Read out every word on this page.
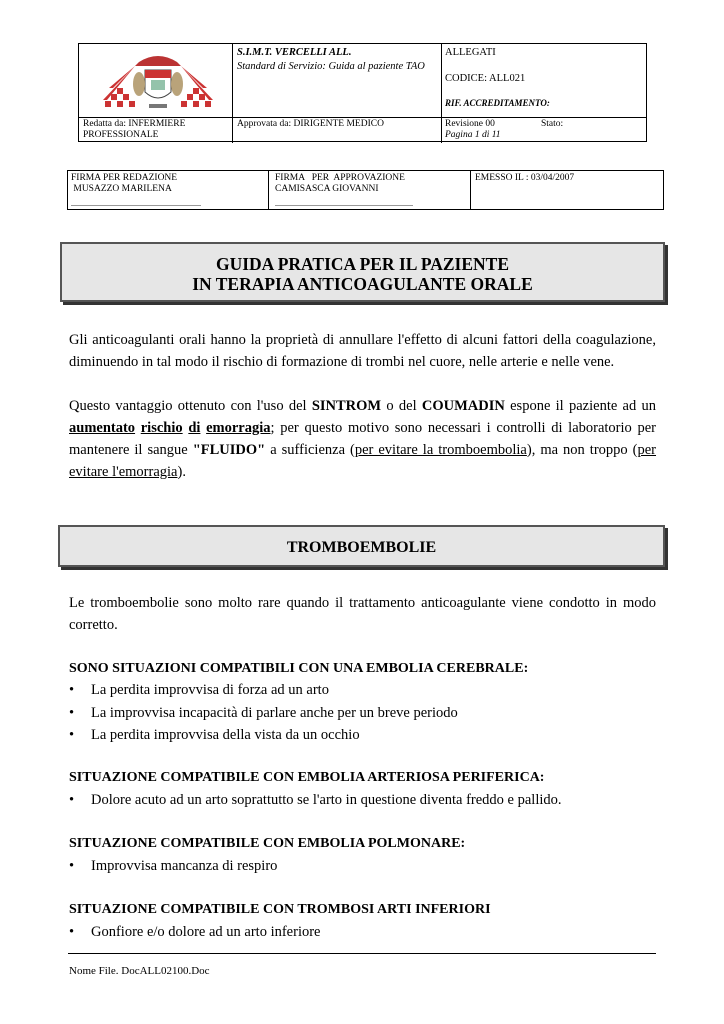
S.I.M.T. VERCELLI ALL.
Standard di Servizio: Guida al paziente TAO
ALLEGATI
CODICE: ALL021
RIF. ACCREDITAMENTO:
Redatta da: INFERMIERE PROFESSIONALE
Approvata da: DIRIGENTE MEDICO	Revisione 00	Stato:
Pagina 1 di 11
FIRMA PER REDAZIONE
MUSAZZO MARILENA
FIRMA   PER  APPROVAZIONE
CAMISASCA GIOVANNI
EMESSO IL : 03/04/2007
GUIDA PRATICA PER IL PAZIENTE
IN TERAPIA ANTICOAGULANTE ORALE
Gli anticoagulanti orali hanno la proprietà di annullare l'effetto di alcuni fattori della coagulazione, diminuendo in tal modo il rischio di formazione di trombi nel cuore, nelle arterie e nelle vene.
Questo vantaggio ottenuto con l'uso del SINTROM o del COUMADIN espone il paziente ad un aumentato rischio di emorragia; per questo motivo sono necessari i controlli di laboratorio per mantenere il sangue "FLUIDO" a sufficienza (per evitare la tromboembolia), ma non troppo (per evitare l'emorragia).
TROMBOEMBOLIE
Le tromboembolie sono molto rare quando il trattamento anticoagulante viene condotto in modo corretto.
SONO SITUAZIONI COMPATIBILI CON UNA EMBOLIA CEREBRALE:
• La perdita improvvisa di forza ad un arto
• La improvvisa incapacità di parlare anche per un breve periodo
• La perdita improvvisa della vista da un occhio
SITUAZIONE COMPATIBILE CON EMBOLIA ARTERIOSA PERIFERICA:
• Dolore acuto ad un arto soprattutto se l'arto in questione diventa freddo e pallido.
SITUAZIONE COMPATIBILE CON EMBOLIA POLMONARE:
• Improvvisa mancanza di respiro
SITUAZIONE COMPATIBILE CON TROMBOSI ARTI INFERIORI
• Gonfiore e/o dolore ad un arto inferiore
Nome File. DocALL02100.Doc
